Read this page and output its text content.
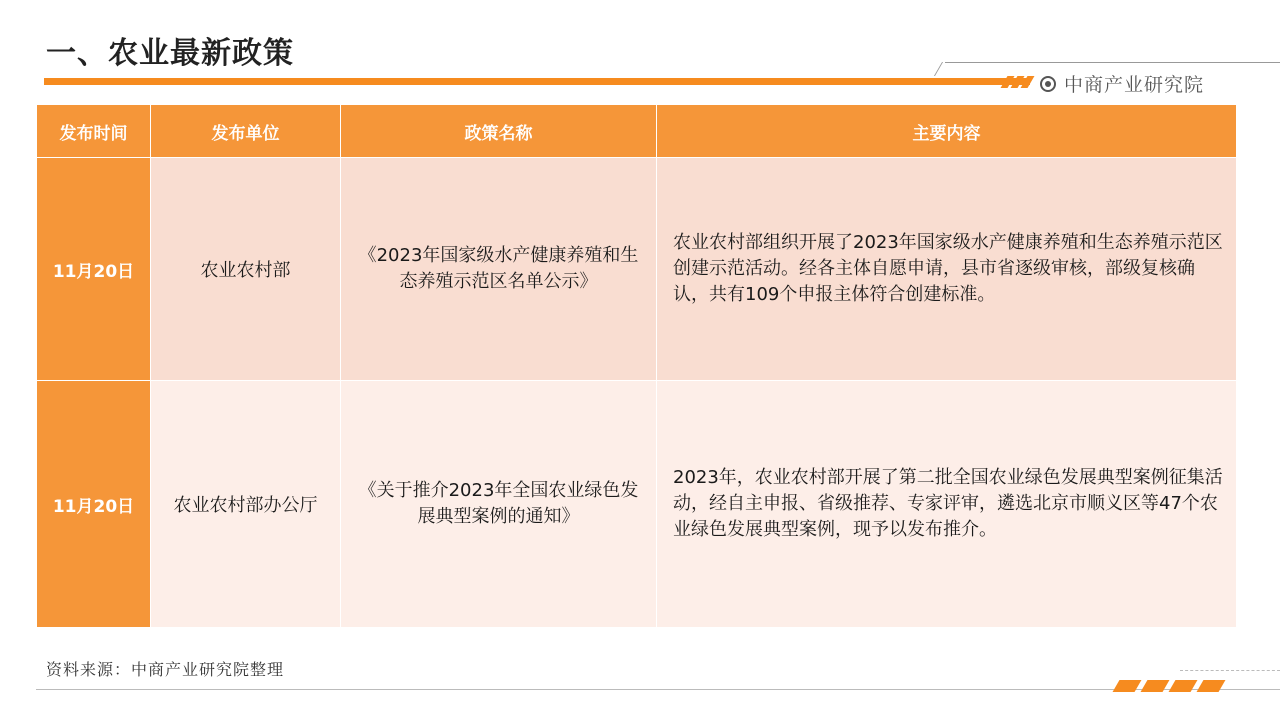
一、农业最新政策
中商产业研究院
发布时间	发布单位	政策名称	主要内容
11月20日	农业农村部	《2023年国家级水产健康养殖和生态养殖示范区名单公示》	农业农村部组织开展了2023年国家级水产健康养殖和生态养殖示范区创建示范活动。经各主体自愿申请，县市省逐级审核，部级复核确认，共有109个申报主体符合创建标准。
11月20日	农业农村部办公厅	《关于推介2023年全国农业绿色发展典型案例的通知》	2023年，农业农村部开展了第二批全国农业绿色发展典型案例征集活动，经自主申报、省级推荐、专家评审，遴选北京市顺义区等47个农业绿色发展典型案例，现予以发布推介。
资料来源：中商产业研究院整理
